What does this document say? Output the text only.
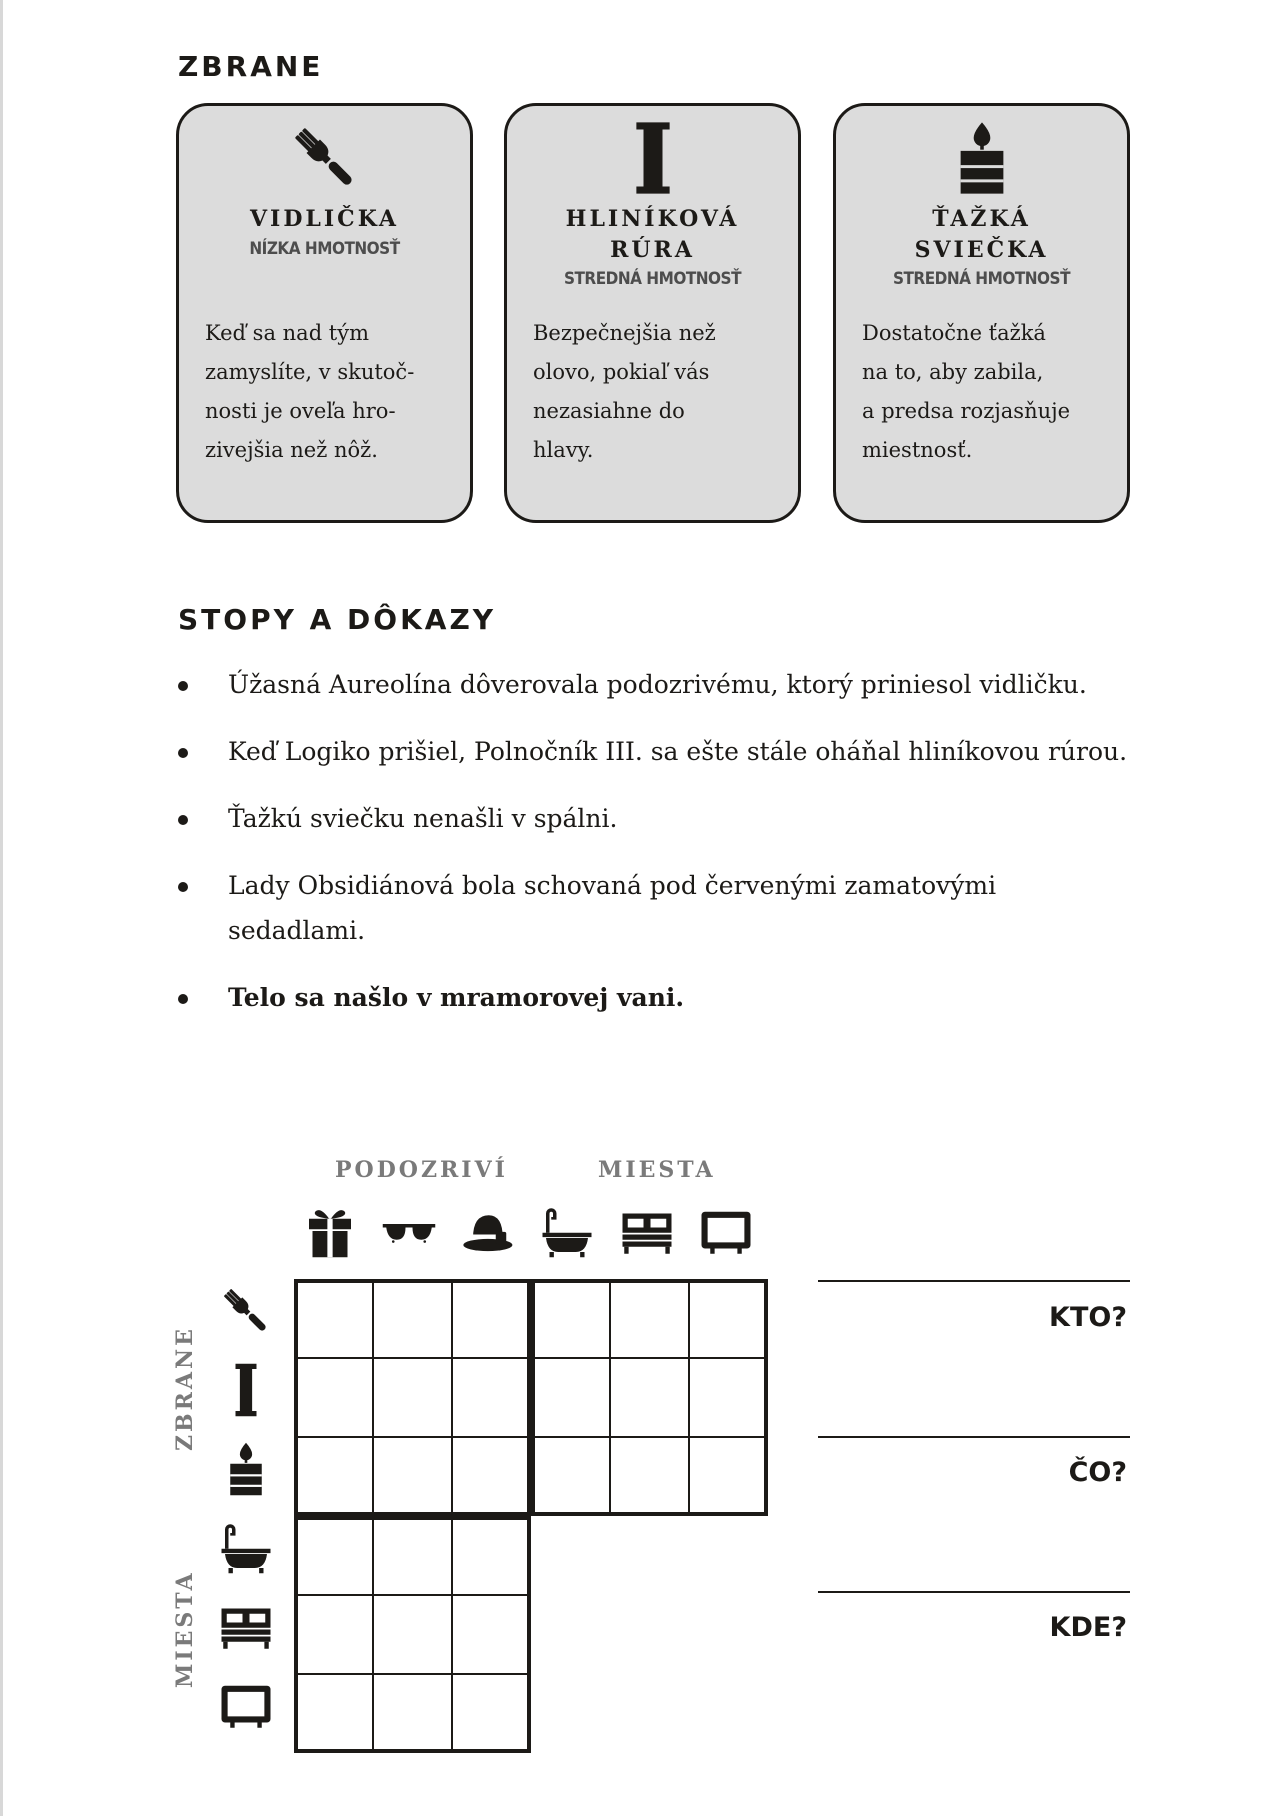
ZBRANE
VIDLIČKA
NÍZKA HMOTNOSŤ
Keď sa nad tým
zamyslíte, v skutoč-
nosti je oveľa hro-
zivejšia než nôž.
HLINÍKOVÁ
RÚRA
STREDNÁ HMOTNOSŤ
Bezpečnejšia než
olovo, pokiaľ vás
nezasiahne do
hlavy.
ŤAŽKÁ
SVIEČKA
STREDNÁ HMOTNOSŤ
Dostatočne ťažká
na to, aby zabila,
a predsa rozjasňuje
miestnosť.
STOPY A DÔKAZY
Úžasná Aureolína dôverovala podozrivému, ktorý priniesol vidličku.
Keď Logiko prišiel, Polnočník III. sa ešte stále oháňal hliníkovou rúrou.
Ťažkú sviečku nenašli v spálni.
Lady Obsidiánová bola schovaná pod červenými zamatovými sedadlami.
Telo sa našlo v mramorovej vani.
PODOZRIVÍ	MIESTA
ZBRANE
MIESTA
KTO?
ČO?
KDE?
